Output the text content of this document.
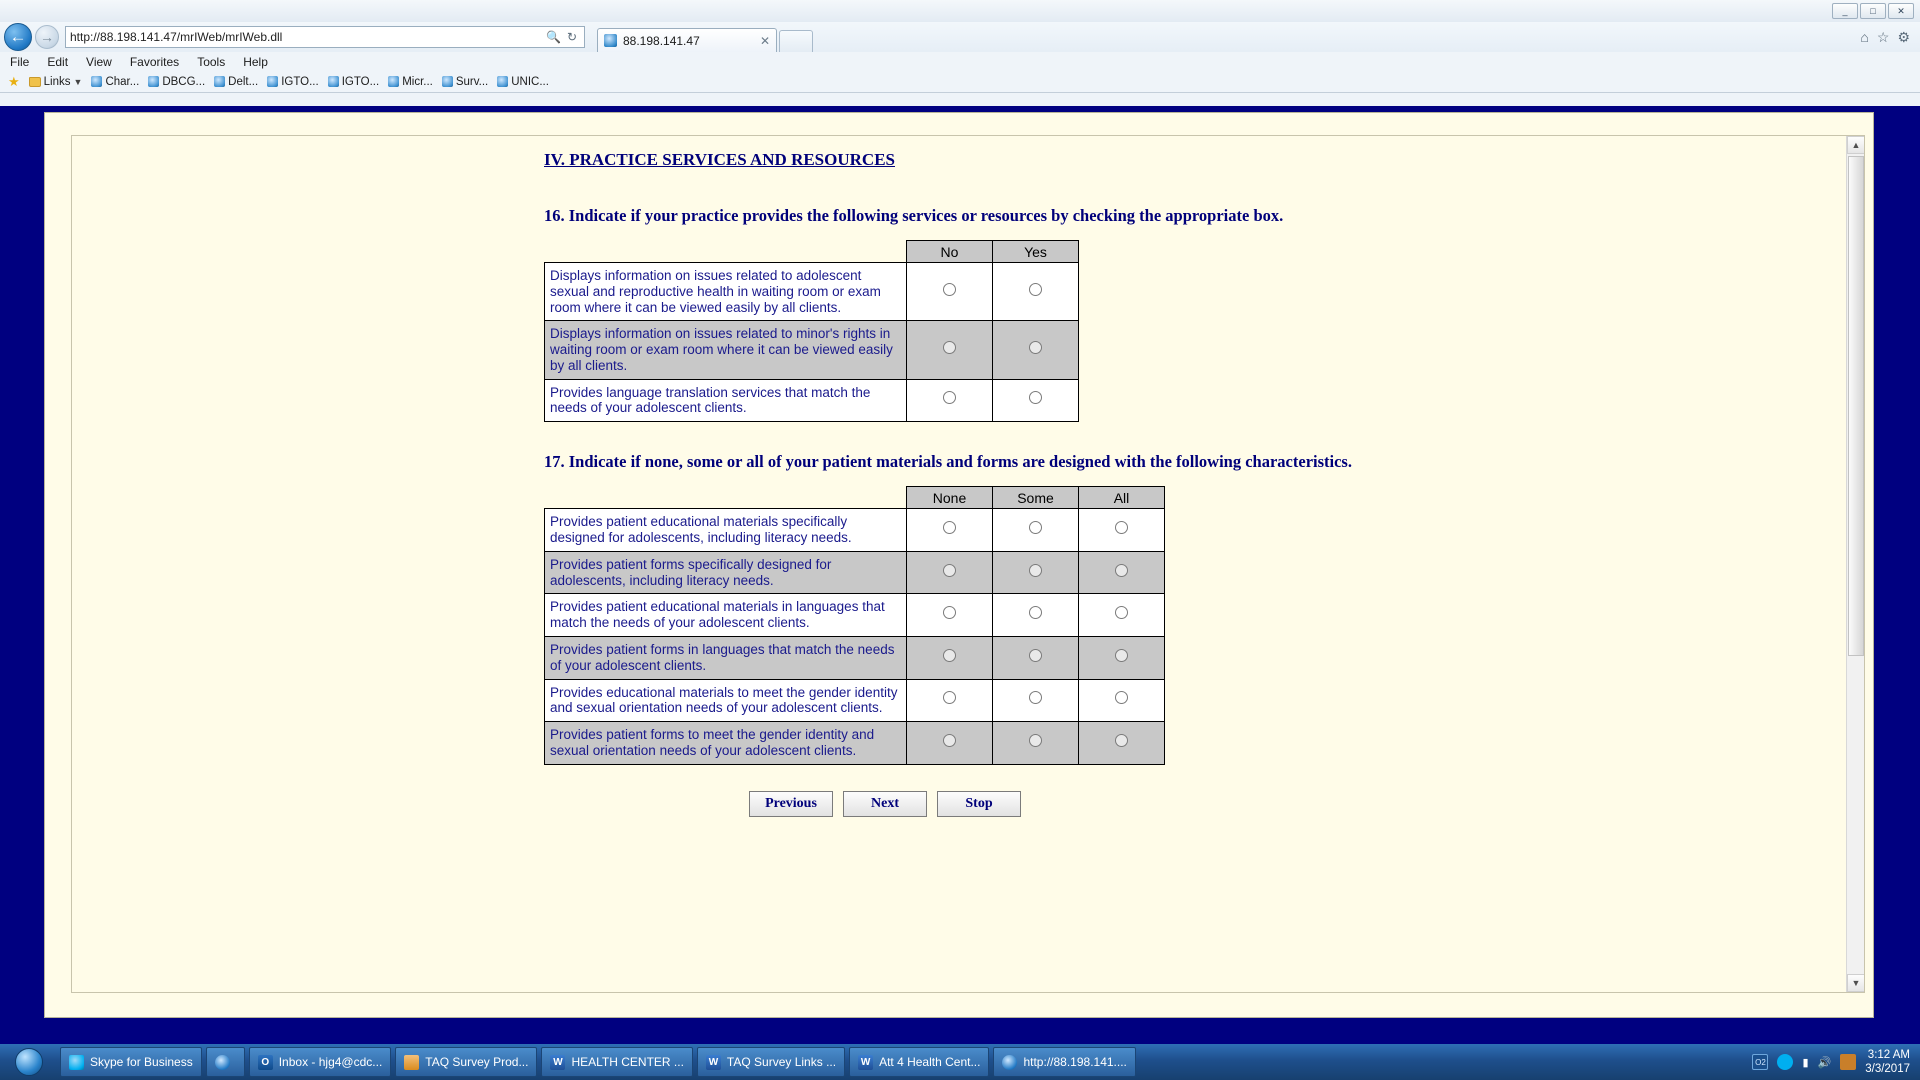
_	□	✕
← →	http://88.198.141.47/mrIWeb/mrIWeb.dll	🔍 ↻	88.198.141.47	✕	⌂ ☆ ⚙
File Edit View Favorites Tools Help
★ Links ▼ Char... DBCG... Delt... IGTO... IGTO... Micr... Surv... UNIC...
IV. PRACTICE SERVICES AND RESOURCES

16. Indicate if your practice provides the following services or resources by checking the appropriate box.

	No	Yes
Displays information on issues related to adolescent sexual and reproductive health in waiting room or exam room where it can be viewed easily by all clients.		
Displays information on issues related to minor's rights in waiting room or exam room where it can be viewed easily by all clients.		
Provides language translation services that match the needs of your adolescent clients.		

17. Indicate if none, some or all of your patient materials and forms are designed with the following characteristics.

	None	Some	All
Provides patient educational materials specifically designed for adolescents, including literacy needs.			
Provides patient forms specifically designed for adolescents, including literacy needs.			
Provides patient educational materials in languages that match the needs of your adolescent clients.			
Provides patient forms in languages that match the needs of your adolescent clients.			
Provides educational materials to meet the gender identity and sexual orientation needs of your adolescent clients.			
Provides patient forms to meet the gender identity and sexual orientation needs of your adolescent clients.			
Previous	Next	Stop
▲
▼
Skype for Business	O Inbox - hjg4@cdc...	TAQ Survey Prod... W HEALTH CENTER ... W TAQ Survey Links ... W Att 4 Health Cent...	http://88.198.141....	O2	▮ 🔊
3:12 AM
3/3/2017
